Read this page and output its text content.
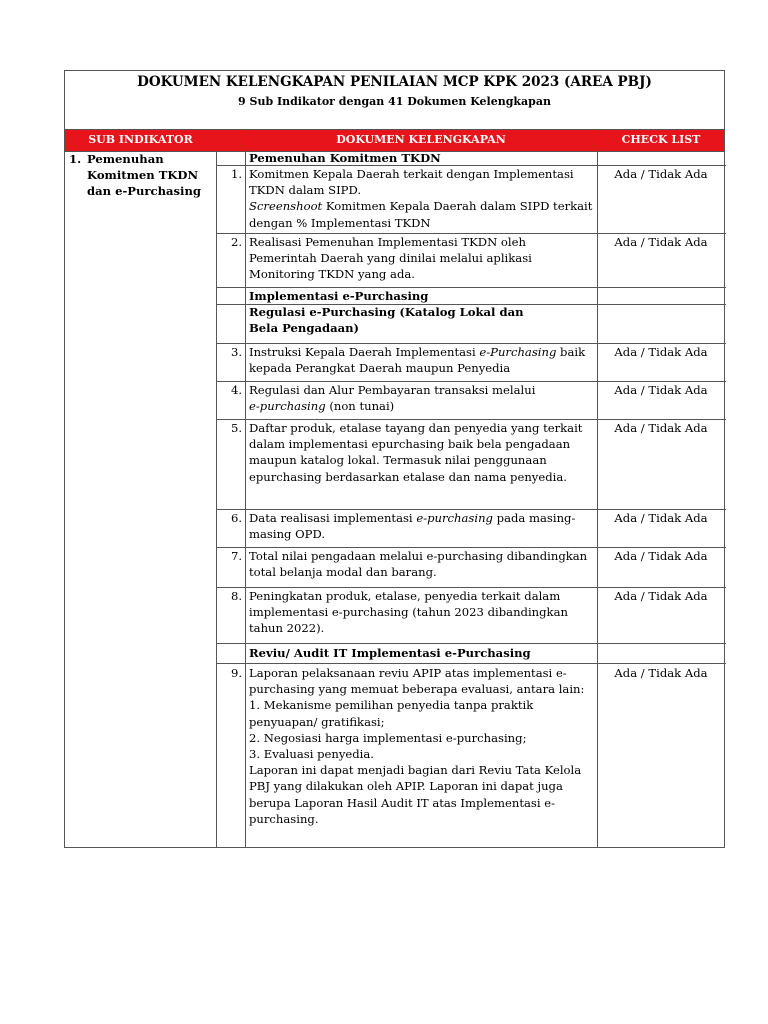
DOKUMEN KELENGKAPAN PENILAIAN MCP KPK 2023 (AREA PBJ)
9 Sub Indikator dengan 41 Dokumen Kelengkapan
SUB INDIKATOR	DOKUMEN KELENGKAPAN	CHECK LIST
1. Pemenuhan Komitmen TKDN dan e-Purchasing
Pemenuhan Komitmen TKDN
Implementasi e-Purchasing
Regulasi e-Purchasing (Katalog Lokal dan Bela Pengadaan)
Reviu/ Audit IT Implementasi e-Purchasing
1. Komitmen Kepala Daerah terkait dengan Implementasi TKDN dalam SIPD.
Screenshoot Komitmen Kepala Daerah dalam SIPD terkait dengan % Implementasi TKDN
Ada / Tidak Ada
2. Realisasi Pemenuhan Implementasi TKDN oleh Pemerintah Daerah yang dinilai melalui aplikasi Monitoring TKDN yang ada.
Ada / Tidak Ada
3. Instruksi Kepala Daerah Implementasi e-Purchasing baik kepada Perangkat Daerah maupun Penyedia
Ada / Tidak Ada
4. Regulasi dan Alur Pembayaran transaksi melalui e-purchasing (non tunai)
Ada / Tidak Ada
5. Daftar produk, etalase tayang dan penyedia yang terkait dalam implementasi epurchasing baik bela pengadaan maupun katalog lokal. Termasuk nilai penggunaan epurchasing berdasarkan etalase dan nama penyedia.
Ada / Tidak Ada
6. Data realisasi implementasi e-purchasing pada masing-masing OPD.
Ada / Tidak Ada
7. Total nilai pengadaan melalui e-purchasing dibandingkan total belanja modal dan barang.
Ada / Tidak Ada
8. Peningkatan produk, etalase, penyedia terkait dalam implementasi e-purchasing (tahun 2023 dibandingkan tahun 2022).
Ada / Tidak Ada
9. Laporan pelaksanaan reviu APIP atas implementasi e-purchasing yang memuat beberapa evaluasi, antara lain:
1. Mekanisme pemilihan penyedia tanpa praktik penyuapan/ gratifikasi;
2. Negosiasi harga implementasi e-purchasing;
3. Evaluasi penyedia.
Laporan ini dapat menjadi bagian dari Reviu Tata Kelola PBJ yang dilakukan oleh APIP. Laporan ini dapat juga berupa Laporan Hasil Audit IT atas Implementasi e-purchasing.
Ada / Tidak Ada
